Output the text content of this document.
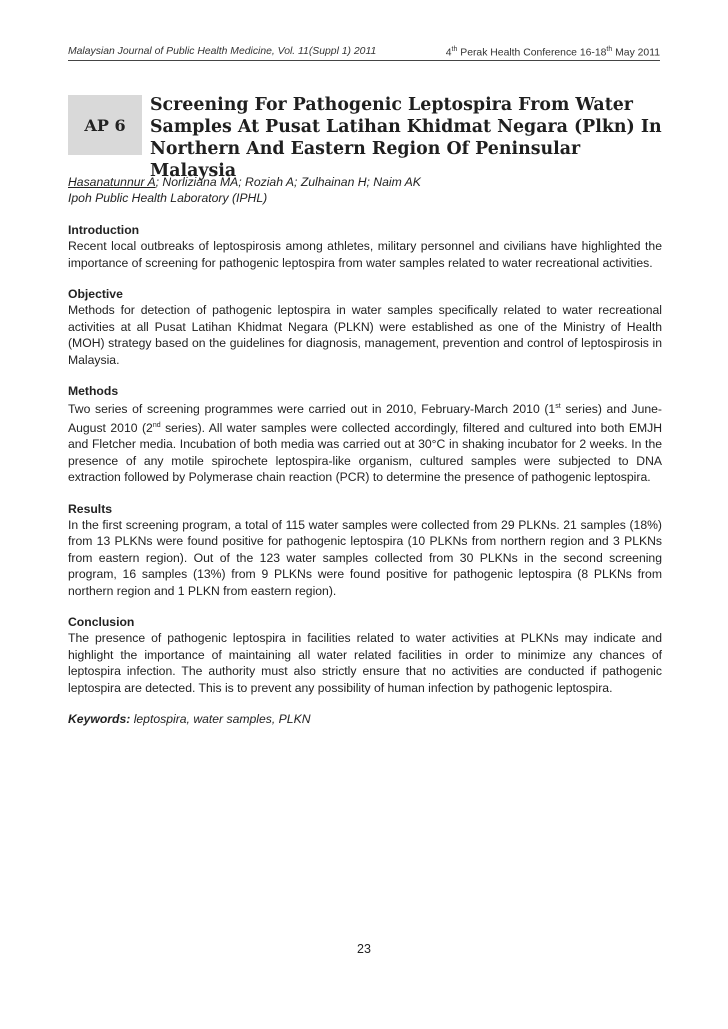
Malaysian Journal of Public Health Medicine, Vol. 11(Suppl 1) 2011	4th Perak Health Conference 16-18th May 2011
AP 6
Screening For Pathogenic Leptospira From Water Samples At Pusat Latihan Khidmat Negara (Plkn) In Northern And Eastern Region Of Peninsular Malaysia
Hasanatunnur A; Norliziana MA; Roziah A; Zulhainan H; Naim AK
Ipoh Public Health Laboratory (IPHL)
Introduction

Recent local outbreaks of leptospirosis among athletes, military personnel and civilians have highlighted the importance of screening for pathogenic leptospira from water samples related to water recreational activities.

Objective

Methods for detection of pathogenic leptospira in water samples specifically related to water recreational activities at all Pusat Latihan Khidmat Negara (PLKN) were established as one of the Ministry of Health (MOH) strategy based on the guidelines for diagnosis, management, prevention and control of leptospirosis in Malaysia.

Methods

Two series of screening programmes were carried out in 2010, February-March 2010 (1st series) and June-August 2010 (2nd series). All water samples were collected accordingly, filtered and cultured into both EMJH and Fletcher media. Incubation of both media was carried out at 30°C in shaking incubator for 2 weeks. In the presence of any motile spirochete leptospira-like organism, cultured samples were subjected to DNA extraction followed by Polymerase chain reaction (PCR) to determine the presence of pathogenic leptospira.

Results

In the first screening program, a total of 115 water samples were collected from 29 PLKNs. 21 samples (18%) from 13 PLKNs were found positive for pathogenic leptospira (10 PLKNs from northern region and 3 PLKNs from eastern region). Out of the 123 water samples collected from 30 PLKNs in the second screening program, 16 samples (13%) from 9 PLKNs were found positive for pathogenic leptospira (8 PLKNs from northern region and 1 PLKN from eastern region).

Conclusion

The presence of pathogenic leptospira in facilities related to water activities at PLKNs may indicate and highlight the importance of maintaining all water related facilities in order to minimize any chances of leptospira infection. The authority must also strictly ensure that no activities are conducted if pathogenic leptospira are detected. This is to prevent any possibility of human infection by pathogenic leptospira.

Keywords: leptospira, water samples, PLKN
23
